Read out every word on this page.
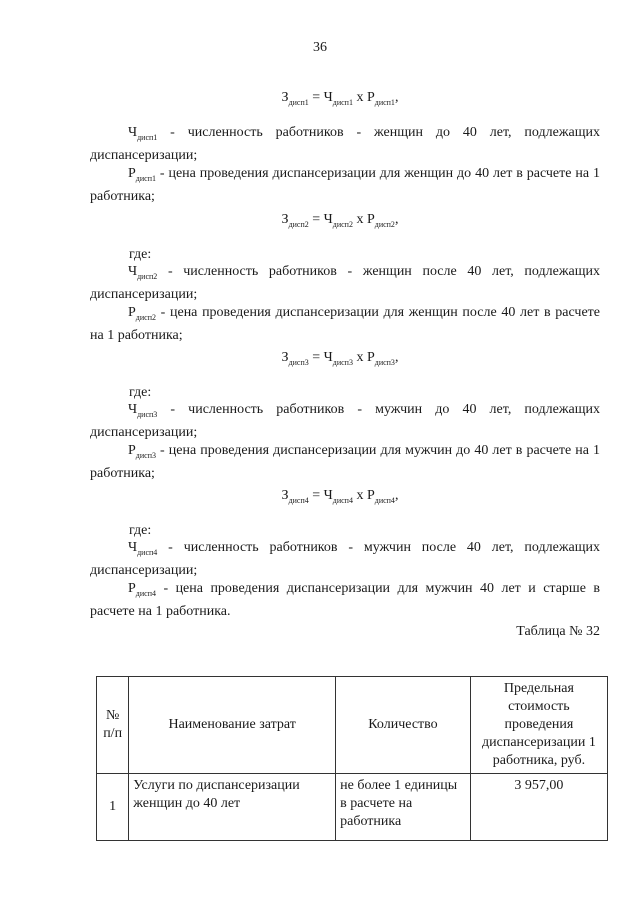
36
$З_{дисп1} = Ч_{дисп1}$ x $Р_{дисп1}$,

$Ч_{дисп1}$ - численность работников - женщин до 40 лет, подлежащих диспансеризации;

$Р_{дисп1}$ - цена проведения диспансеризации для женщин до 40 лет в расчете на 1 работника;

$З_{дисп2} = Ч_{дисп2}$ x $Р_{дисп2}$,
где:

$Ч_{дисп2}$ - численность работников - женщин после 40 лет, подлежащих диспансеризации;

$Р_{дисп2}$ - цена проведения диспансеризации для женщин после 40 лет в расчете на 1 работника;

$З_{дисп3} = Ч_{дисп3}$ x $Р_{дисп3}$,
где:

$Ч_{дисп3}$ - численность работников - мужчин до 40 лет, подлежащих диспансеризации;

$Р_{дисп3}$ - цена проведения диспансеризации для мужчин до 40 лет в расчете на 1 работника;

$З_{дисп4} = Ч_{дисп4}$ x $Р_{дисп4}$,
где:

$Ч_{дисп4}$ - численность работников - мужчин после 40 лет, подлежащих диспансеризации;

$Р_{дисп4}$ - цена проведения диспансеризации для мужчин 40 лет и старше в расчете на 1 работника.

Таблица № 32
№ п/п	Наименование затрат	Количество	Предельная стоимость проведения диспансеризации 1 работника, руб.
1	Услуги по диспансеризации женщин до 40 лет	не более 1 единицы в расчете на работника	3 957,00
